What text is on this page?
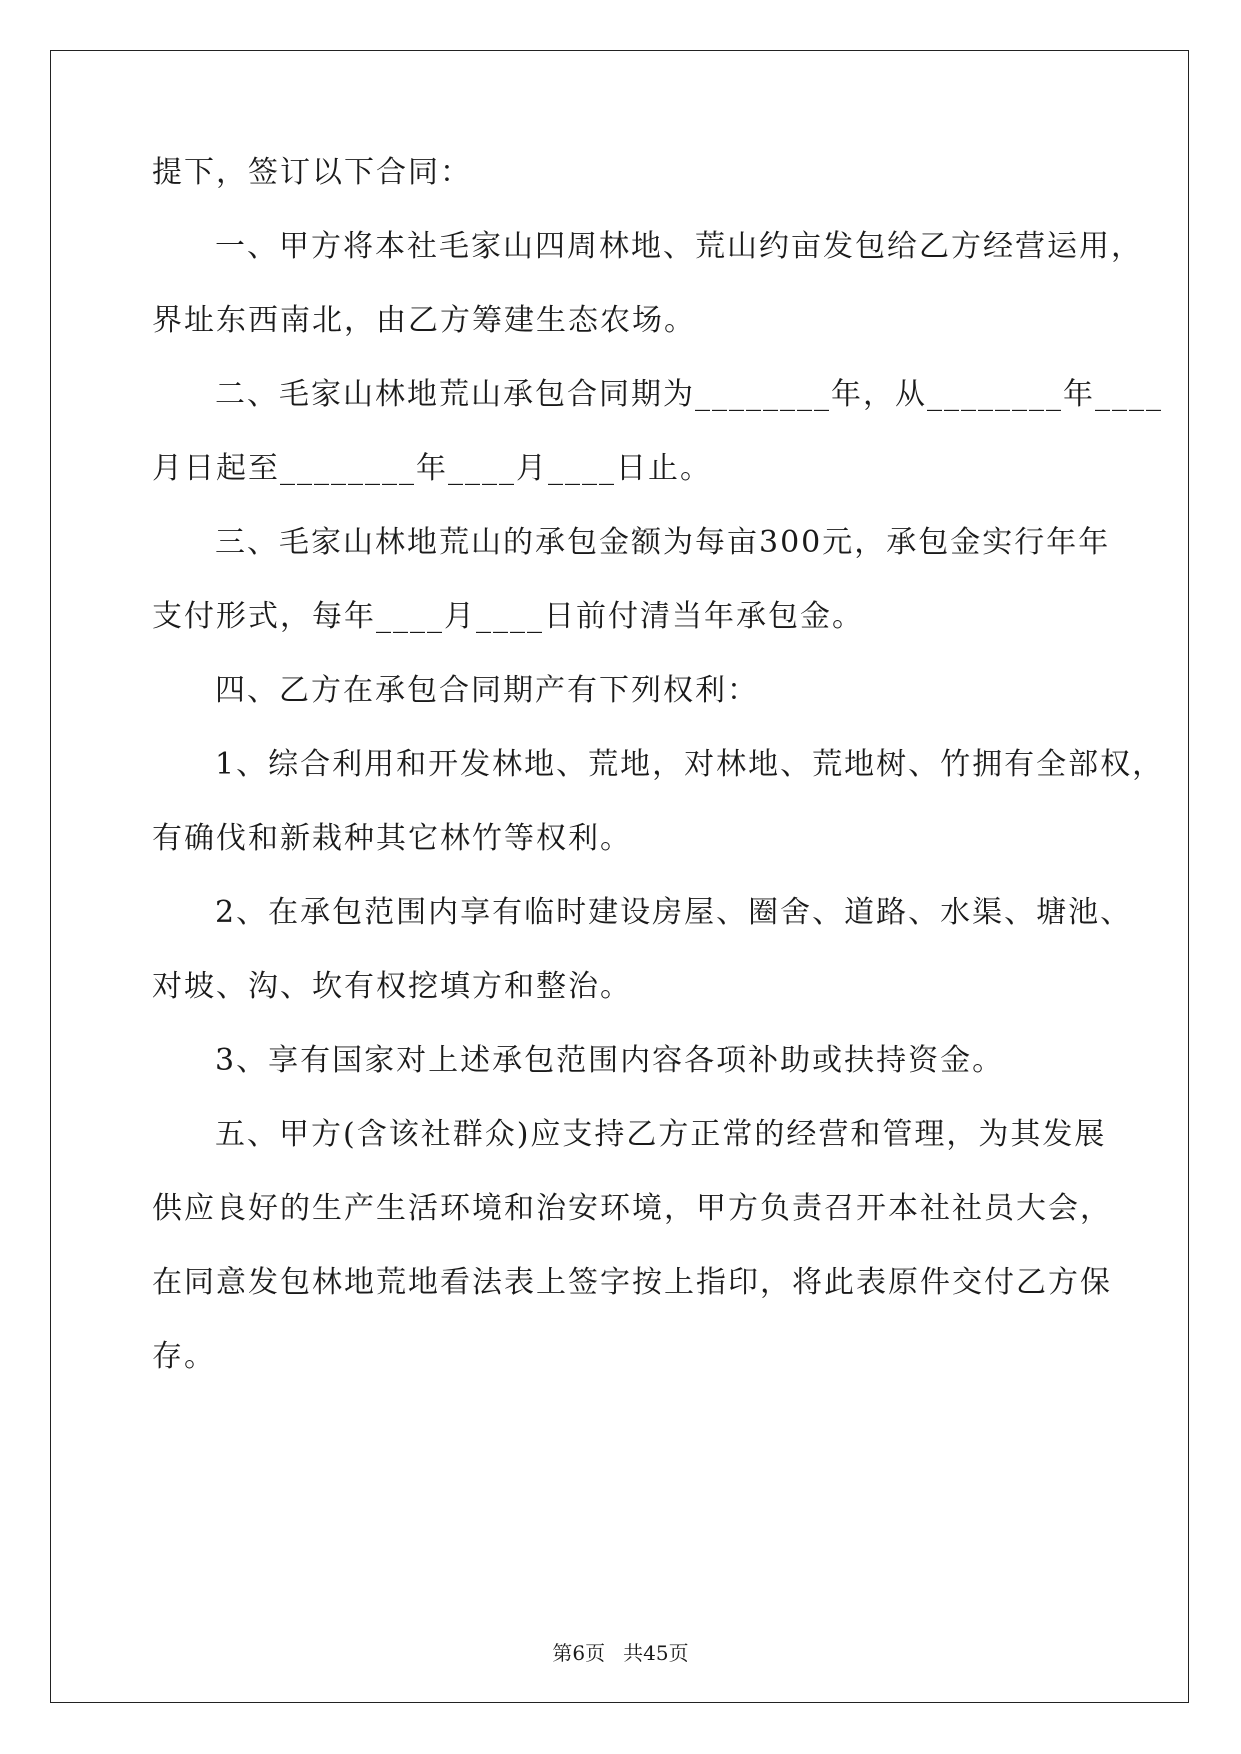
提下，签订以下合同：
一、甲方将本社毛家山四周林地、荒山约亩发包给乙方经营运用，
界址东西南北，由乙方筹建生态农场。
二、毛家山林地荒山承包合同期为________年，从________年____
月日起至________年____月____日止。
三、毛家山林地荒山的承包金额为每亩300元，承包金实行年年
支付形式，每年____月____日前付清当年承包金。
四、乙方在承包合同期产有下列权利：
1、综合利用和开发林地、荒地，对林地、荒地树、竹拥有全部权，
有确伐和新栽种其它林竹等权利。
2、在承包范围内享有临时建设房屋、圈舍、道路、水渠、塘池、
对坡、沟、坎有权挖填方和整治。
3、享有国家对上述承包范围内容各项补助或扶持资金。
五、甲方(含该社群众)应支持乙方正常的经营和管理，为其发展
供应良好的生产生活环境和治安环境，甲方负责召开本社社员大会，
在同意发包林地荒地看法表上签字按上指印，将此表原件交付乙方保
存。
第6页 共45页
